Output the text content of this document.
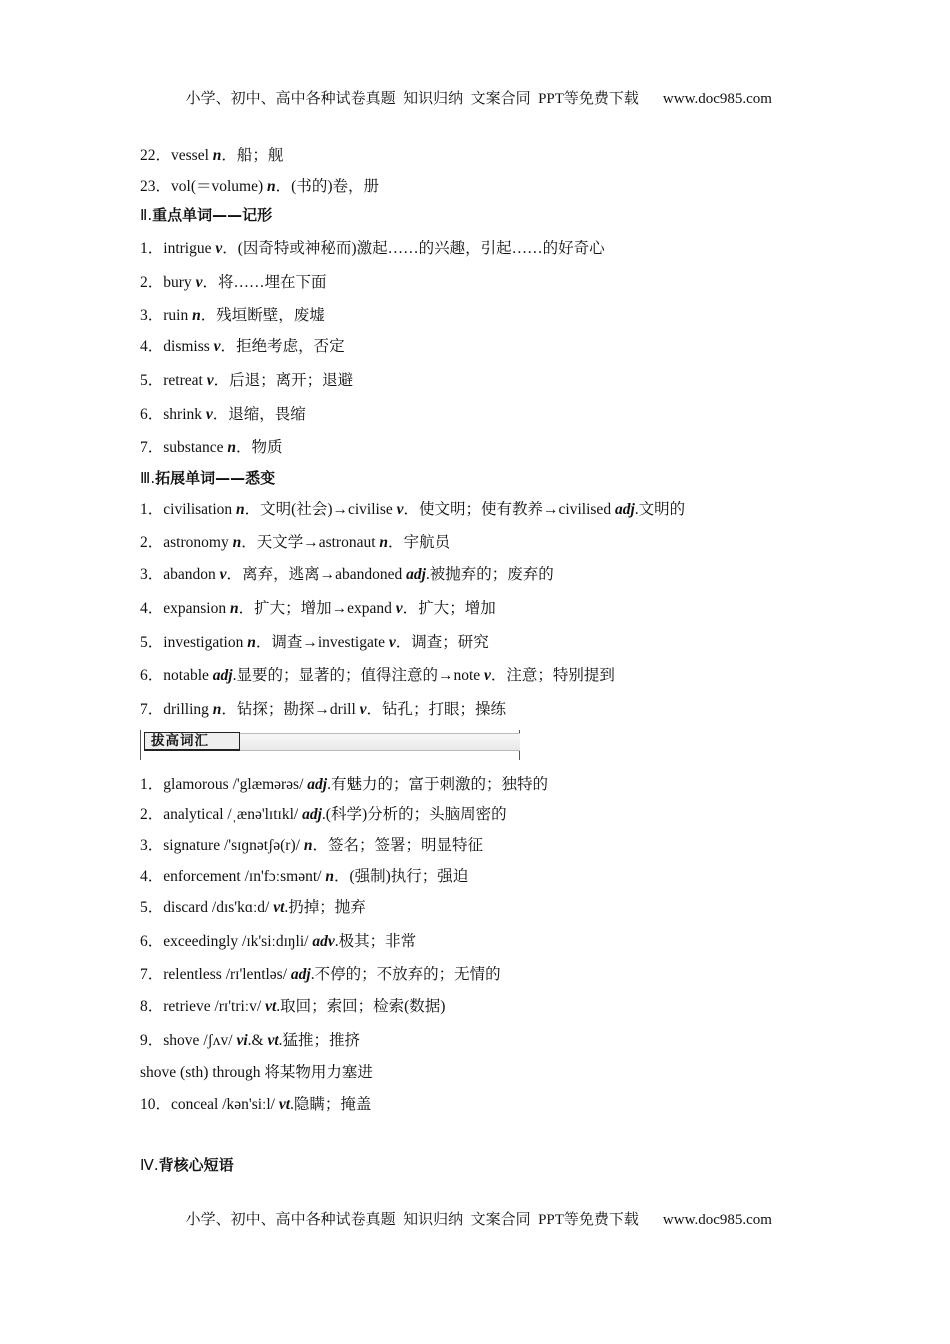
小学、初中、高中各种试卷真题  知识归纳  文案合同  PPT等免费下载 www.doc985.com

22．vessel n．船；舰
23．vol(＝volume) n．(书的)卷，册
Ⅱ.重点单词——记形
1．intrigue v．(因奇特或神秘而)激起……的兴趣，引起……的好奇心
2．bury v．将……埋在下面
3．ruin n．残垣断壁，废墟
4．dismiss v．拒绝考虑，否定
5．retreat v．后退；离开；退避
6．shrink v．退缩，畏缩
7．substance n．物质
Ⅲ.拓展单词——悉变
1．civilisation n．文明(社会)→civilise v．使文明；使有教养→civilised adj.文明的
2．astronomy n．天文学→astronaut n．宇航员
3．abandon v．离弃，逃离→abandoned adj.被抛弃的；废弃的
4．expansion n．扩大；增加→expand v．扩大；增加
5．investigation n．调查→investigate v．调查；研究
6．notable adj.显要的；显著的；值得注意的→note v．注意；特别提到
7．drilling n．钻探；勘探→drill v．钻孔；打眼；操练
1．glamorous /'glæmərəs/ adj.有魅力的；富于刺激的；独特的
2．analytical /ˌænə'lɪtɪkl/ adj.(科学)分析的；头脑周密的
3．signature /'sɪɡnətʃə(r)/ n．签名；签署；明显特征
4．enforcement /ɪn'fɔːsmənt/ n．(强制)执行；强迫
5．discard /dɪs'kɑːd/ vt.扔掉；抛弃
6．exceedingly /ɪk'siːdɪŋli/ adv.极其；非常
7．relentless /rɪ'lentləs/ adj.不停的；不放弃的；无情的
8．retrieve /rɪ'triːv/ vt.取回；索回；检索(数据)
9．shove /ʃʌv/ vi.& vt.猛推；推挤
shove (sth) through 将某物用力塞进
10．conceal /kən'siːl/ vt.隐瞒；掩盖
Ⅳ.背核心短语
拔高词汇

小学、初中、高中各种试卷真题  知识归纳  文案合同  PPT等免费下载 www.doc985.com
